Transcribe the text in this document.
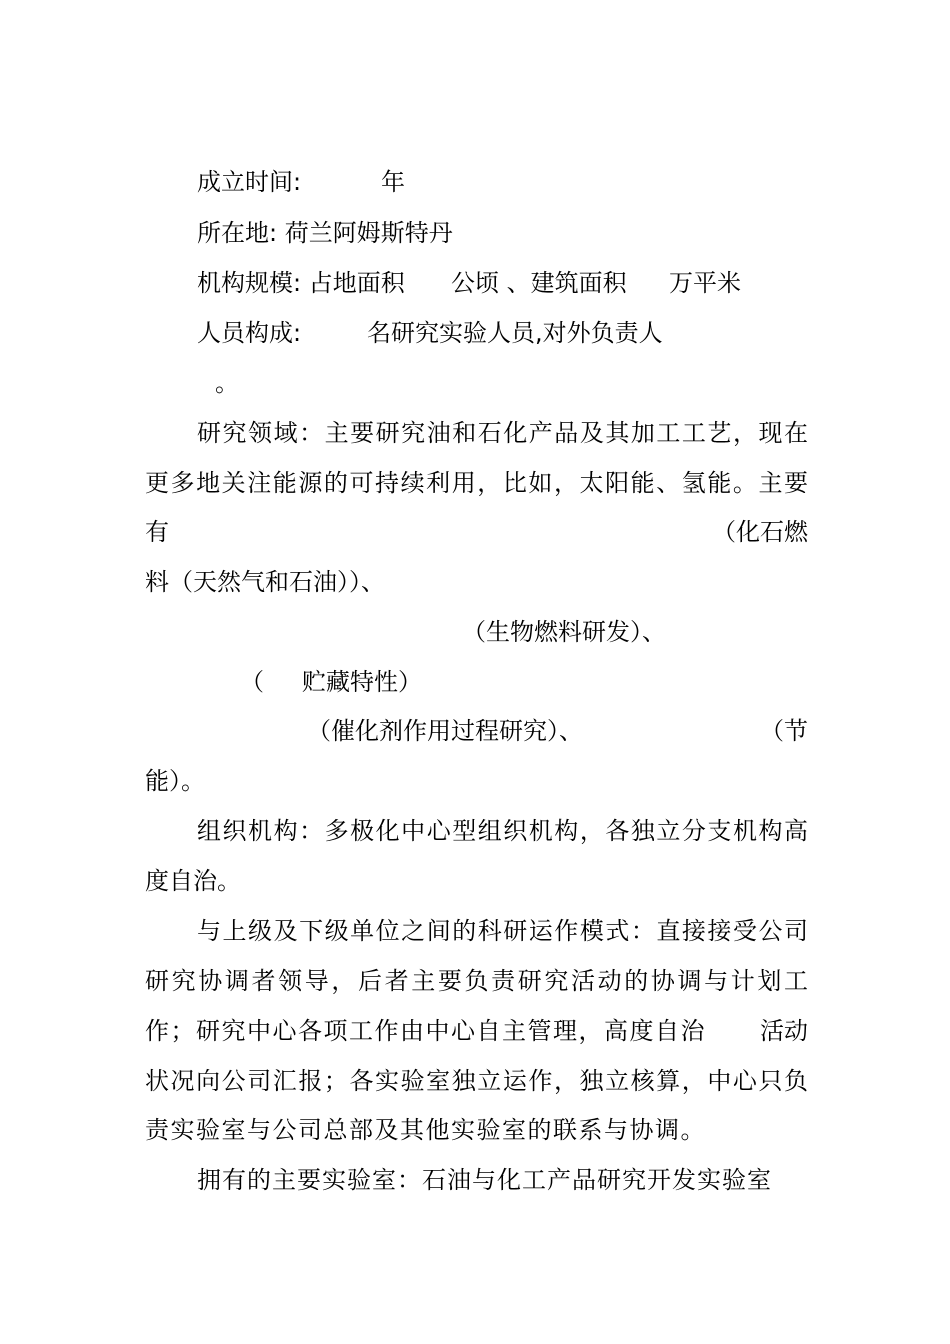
成立时间:	年
所在地: 荷兰阿姆斯特丹
机构规模: 占地面积 公顷 、建筑面积 万平米
人员构成:	名研究实验人员,对外负责人
。
研究领域：主要研究油和石化产品及其加工工艺，现在
更多地关注能源的可持续利用，比如，太阳能、氢能。主要
有	（化石燃
料（天然气和石油））、
（生物燃料研发）、
（ 贮藏特性）
（催化剂作用过程研究）、	（节
能）。
组织机构：多极化中心型组织机构，各独立分支机构高
度自治。
与上级及下级单位之间的科研运作模式：直接接受公司
研究协调者领导，后者主要负责研究活动的协调与计划工
作；研究中心各项工作由中心自主管理，高度自治 活动
状况向公司汇报；各实验室独立运作，独立核算，中心只负
责实验室与公司总部及其他实验室的联系与协调。
拥有的主要实验室：石油与化工产品研究开发实验室
